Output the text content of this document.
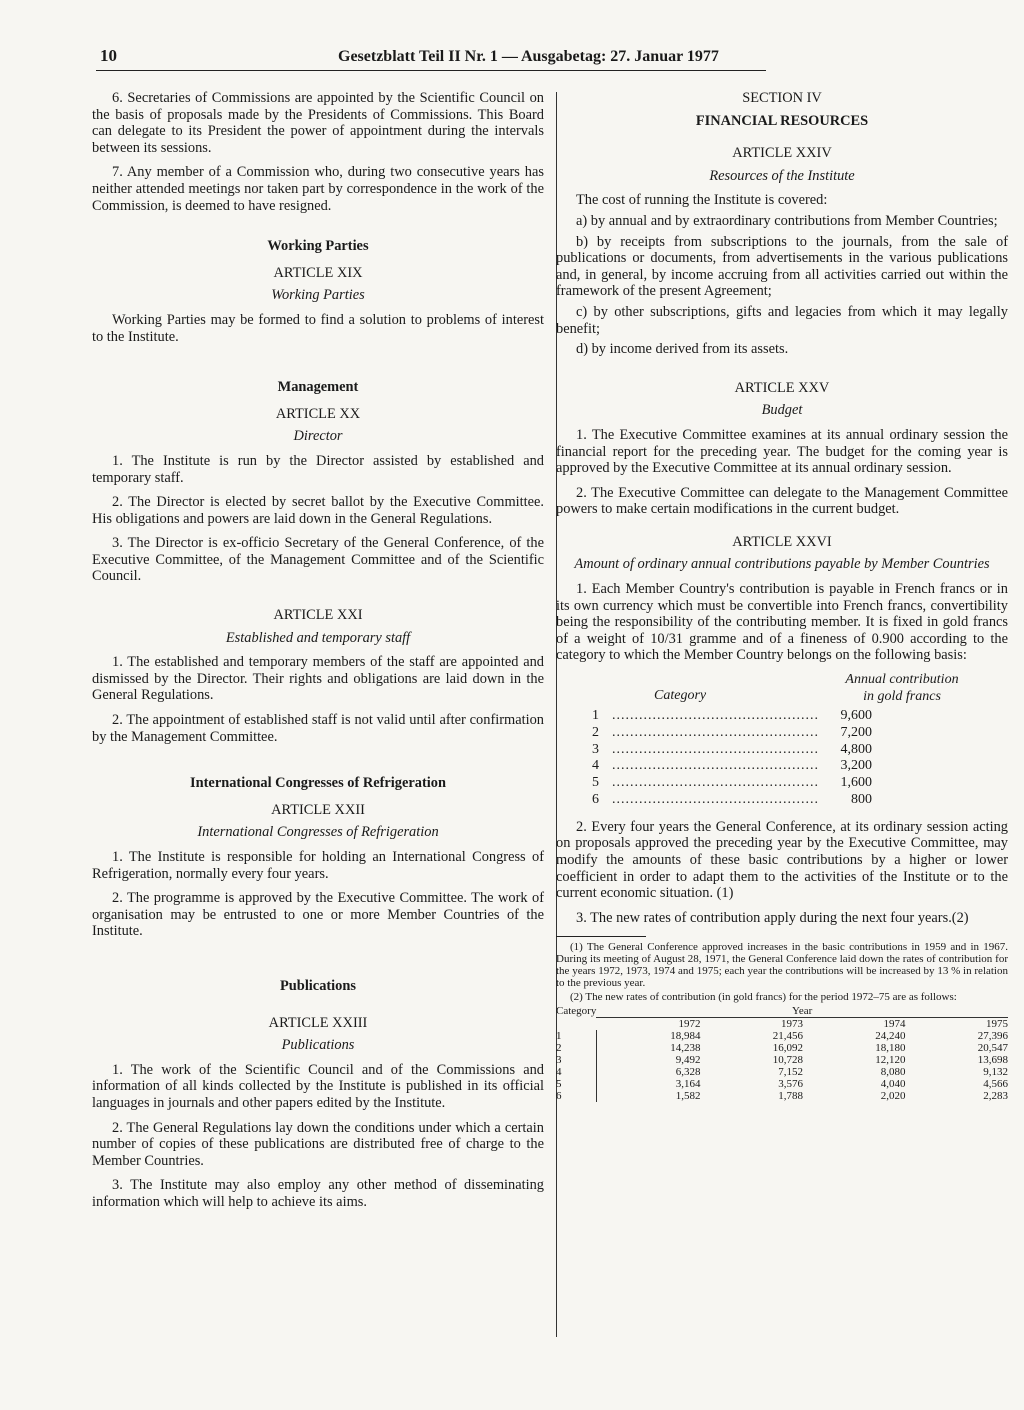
10	Gesetzblatt Teil II Nr. 1 — Ausgabetag: 27. Januar 1977

6. Secretaries of Commissions are appointed by the Scientific Council on the basis of proposals made by the Presidents of Commissions. This Board can delegate to its President the power of appointment during the intervals between its sessions.

7. Any member of a Commission who, during two consecutive years has neither attended meetings nor taken part by correspondence in the work of the Commission, is deemed to have resigned.

Working Parties
ARTICLE XIX
Working Parties

Working Parties may be formed to find a solution to problems of interest to the Institute.

Management
ARTICLE XX
Director

1. The Institute is run by the Director assisted by established and temporary staff.

2. The Director is elected by secret ballot by the Executive Committee. His obligations and powers are laid down in the General Regulations.

3. The Director is ex-officio Secretary of the General Conference, of the Executive Committee, of the Management Committee and of the Scientific Council.

ARTICLE XXI
Established and temporary staff

1. The established and temporary members of the staff are appointed and dismissed by the Director. Their rights and obligations are laid down in the General Regulations.

2. The appointment of established staff is not valid until after confirmation by the Management Committee.

International Congresses of Refrigeration
ARTICLE XXII
International Congresses of Refrigeration

1. The Institute is responsible for holding an International Congress of Refrigeration, normally every four years.

2. The programme is approved by the Executive Committee. The work of organisation may be entrusted to one or more Member Countries of the Institute.

Publications
ARTICLE XXIII
Publications

1. The work of the Scientific Council and of the Commissions and information of all kinds collected by the Institute is published in its official languages in journals and other papers edited by the Institute.

2. The General Regulations lay down the conditions under which a certain number of copies of these publications are distributed free of charge to the Member Countries.

3. The Institute may also employ any other method of disseminating information which will help to achieve its aims.

SECTION IV
FINANCIAL RESOURCES
ARTICLE XXIV
Resources of the Institute

The cost of running the Institute is covered:

a) by annual and by extraordinary contributions from Member Countries;

b) by receipts from subscriptions to the journals, from the sale of publications or documents, from advertisements in the various publications and, in general, by income accruing from all activities carried out within the framework of the present Agreement;

c) by other subscriptions, gifts and legacies from which it may legally benefit;

d) by income derived from its assets.

ARTICLE XXV
Budget

1. The Executive Committee examines at its annual ordinary session the financial report for the preceding year. The budget for the coming year is approved by the Executive Committee at its annual ordinary session.

2. The Executive Committee can delegate to the Management Committee powers to make certain modifications in the current budget.

ARTICLE XXVI
Amount of ordinary annual contributions payable by Member Countries

1. Each Member Country's contribution is payable in French francs or in its own currency which must be convertible into French francs, convertibility being the responsibility of the contributing member. It is fixed in gold francs of a weight of 10/31 gramme and of a fineness of 0.900 according to the category to which the Member Country belongs on the following basis:

Category
Annual contribution
in gold francs
1 ..............................................	9,600
2 ..............................................	7,200
3 ..............................................	4,800
4 ..............................................	3,200
5 ..............................................	1,600
6 ..............................................	800

2. Every four years the General Conference, at its ordinary session acting on proposals approved the preceding year by the Executive Committee, may modify the amounts of these basic contributions by a higher or lower coefficient in order to adapt them to the activities of the Institute or to the current economic situation. (1)

3. The new rates of contribution apply during the next four years.(2)

(1) The General Conference approved increases in the basic contributions in 1959 and in 1967. During its meeting of August 28, 1971, the General Conference laid down the rates of contribution for the years 1972, 1973, 1974 and 1975; each year the contributions will be increased by 13 % in relation to the previous year.

(2) The new rates of contribution (in gold francs) for the period 1972–75 are as follows:

Category	Year			
	1972	1973	1974	1975
1	18,984	21,456	24,240	27,396
2	14,238	16,092	18,180	20,547
3	9,492	10,728	12,120	13,698
4	6,328	7,152	8,080	9,132
5	3,164	3,576	4,040	4,566
6	1,582	1,788	2,020	2,283
